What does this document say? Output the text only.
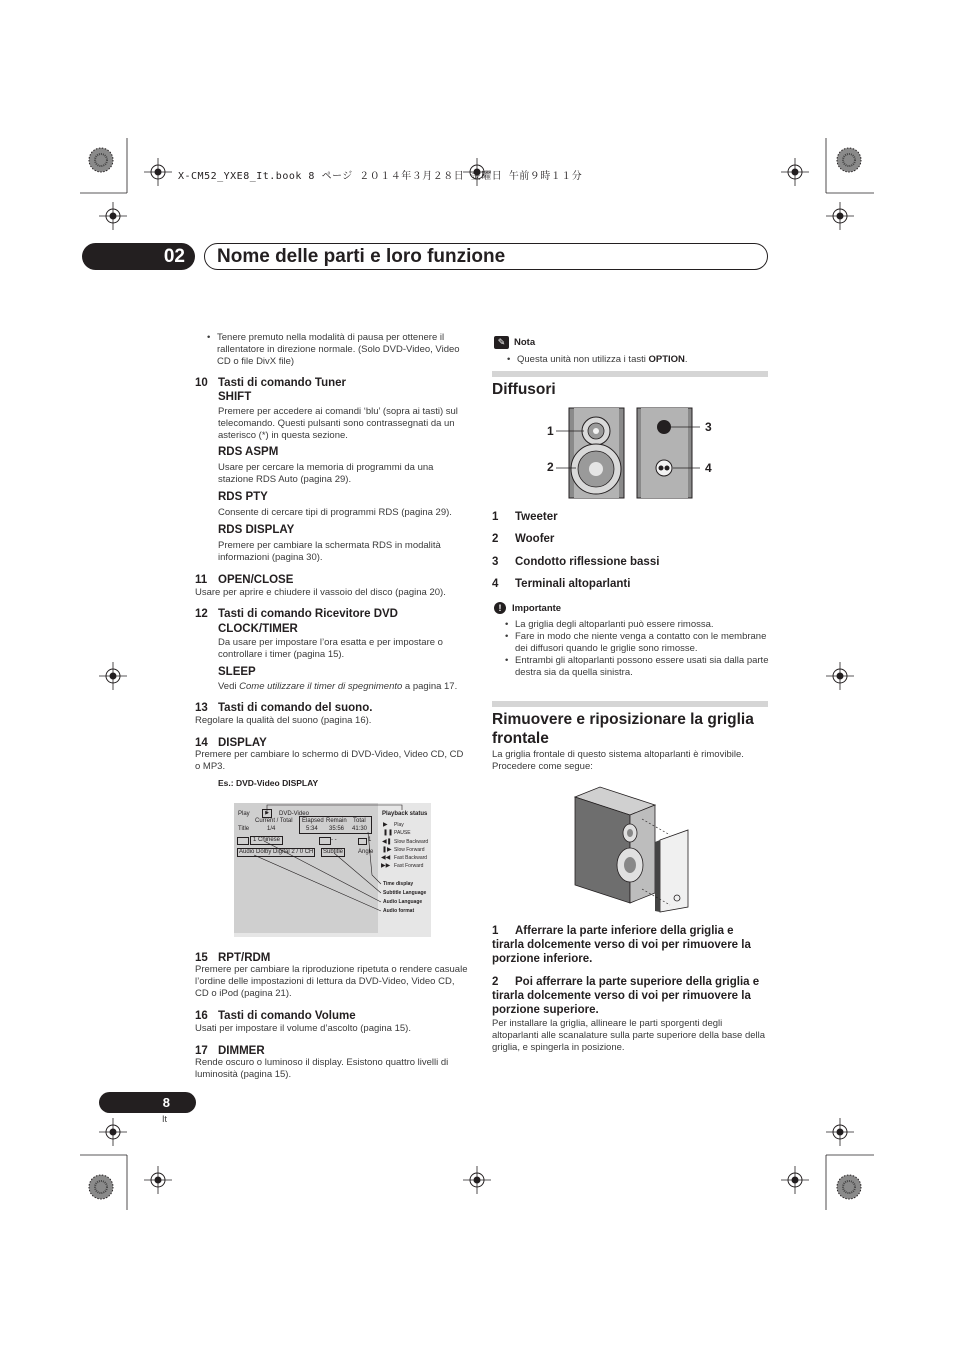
X-CM52_YXE8_It.book 8 ページ ２０１４年３月２８日 金曜日 午前９時１１分
02	Nome delle parti e loro funzione
• Tenere premuto nella modalità di pausa per ottenere il rallentatore in direzione normale. (Solo DVD-Video, Video CD o file DivX file)
10 Tasti di comando Tuner
SHIFT
Premere per accedere ai comandi ‘blu’ (sopra ai tasti) sul telecomando. Questi pulsanti sono contrassegnati da un asterisco (*) in questa sezione.
RDS ASPM
Usare per cercare la memoria di programmi da una stazione RDS Auto (pagina 29).
RDS PTY
Consente di cercare tipi di programmi RDS (pagina 29).
RDS DISPLAY
Premere per cambiare la schermata RDS in modalità informazioni (pagina 30).
11 OPEN/CLOSE
Usare per aprire e chiudere il vassoio del disco (pagina 20).
12 Tasti di comando Ricevitore DVD
CLOCK/TIMER
Da usare per impostare l’ora esatta e per impostare o controllare i timer (pagina 15).
SLEEP
Vedi Come utilizzare il timer di spegnimento a pagina 17.
13 Tasti di comando del suono.
Regolare la qualità del suono (pagina 16).
14 DISPLAY
Premere per cambiare lo schermo di DVD-Video, Video CD, CD o MP3.
Es.: DVD-Video DISPLAY
Play	▶	DVD-Video
Current / Total
Title	1/4
Elapsed Remain Total
5:34 35:56 41:30
1 Chinese	- -
Subtitle
1
Angle
Audio Dolby Digital 2 / 0 CH
Playback status
▶ Play
❚❚ PAUSE
◀❚ Slow Backward
❚▶ Slow Forward
◀◀ Fast Backward
▶▶ Fast Forward
Time display
Subtitle Language
Audio Language
Audio format
15 RPT/RDM
Premere per cambiare la riproduzione ripetuta o rendere casuale l’ordine delle impostazioni di lettura da DVD-Video, Video CD, CD o iPod (pagina 21).
16 Tasti di comando Volume
Usati per impostare il volume d’ascolto (pagina 15).
17 DIMMER
Rende oscuro o luminoso il display. Esistono quattro livelli di luminosità (pagina 15).
✎ Nota
• Questa unità non utilizza i tasti OPTION.
Diffusori
1
2
3
4
1 Tweeter
2 Woofer
3 Condotto riflessione bassi
4 Terminali altoparlanti
!	Importante
• La griglia degli altoparlanti può essere rimossa.
• Fare in modo che niente venga a contatto con le membrane dei diffusori quando le griglie sono rimosse.
• Entrambi gli altoparlanti possono essere usati sia dalla parte destra sia da quella sinistra.
Rimuovere e riposizionare la griglia frontale
La griglia frontale di questo sistema altoparlanti è rimovibile. Procedere come segue:
1 Afferrare la parte inferiore della griglia e tirarla dolcemente verso di voi per rimuovere la porzione inferiore.
2 Poi afferrare la parte superiore della griglia e tirarla dolcemente verso di voi per rimuovere la porzione superiore.
Per installare la griglia, allineare le parti sporgenti degli altoparlanti alle scanalature sulla parte superiore della base della griglia, e spingerla in posizione.
8
It
